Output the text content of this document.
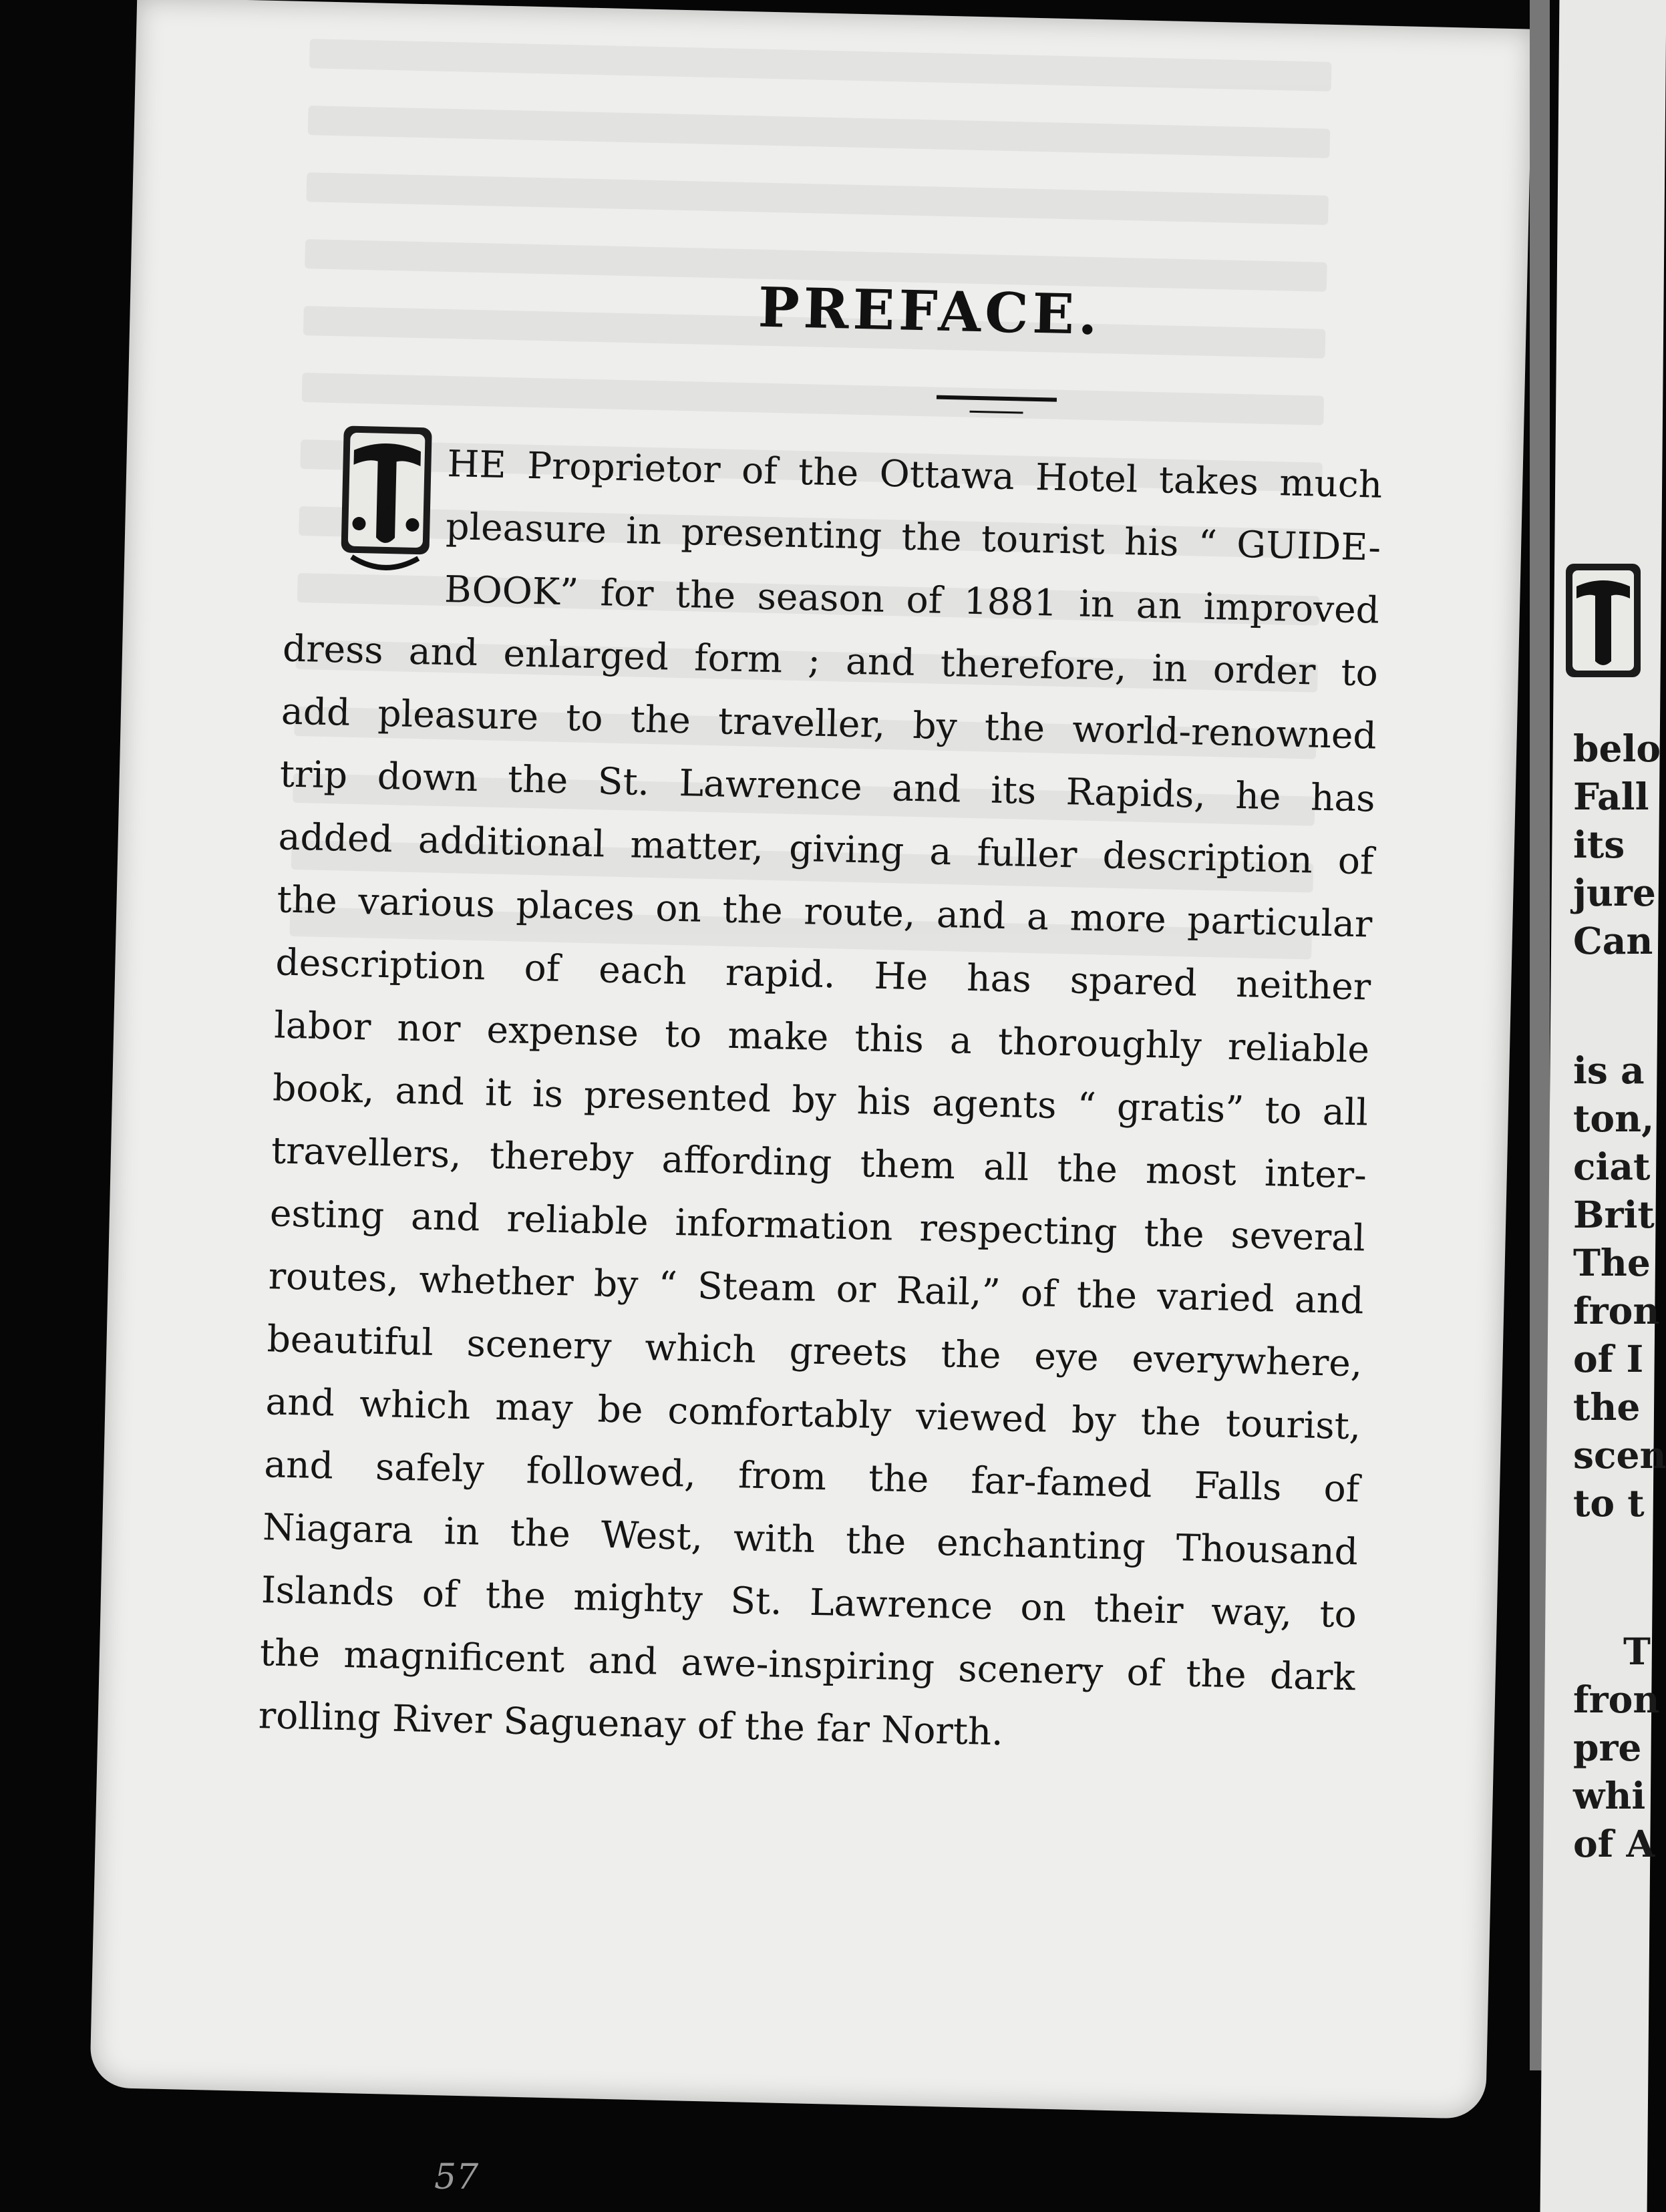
PREFACE.
T
HE Proprietor of the Ottawa Hotel takes much
pleasure in presenting the tourist his “ GUIDE-
BOOK” for the season of 1881 in an improved
dress and enlarged form ; and therefore, in order to
add pleasure to the traveller, by the world-renowned
trip down the St. Lawrence and its Rapids, he has
added additional matter, giving a fuller description of
the various places on the route, and a more particular
description of each rapid. He has spared neither
labor nor expense to make this a thoroughly reliable
book, and it is presented by his agents “ gratis” to all
travellers, thereby affording them all the most inter-
esting and reliable information respecting the several
routes, whether by “ Steam or Rail,” of the varied and
beautiful scenery which greets the eye everywhere,
and which may be comfortably viewed by the tourist,
and safely followed, from the far-famed Falls of
Niagara in the West, with the enchanting Thousand
Islands of the mighty St. Lawrence on their way, to
the magnificent and awe-inspiring scenery of the dark
rolling River Saguenay of the far North.
belo
Fall
its
jure
Can
is a
ton,
ciat
Brit
The
fron
of I
the
scen
to t
T
fron
pre
whi
of A
57
